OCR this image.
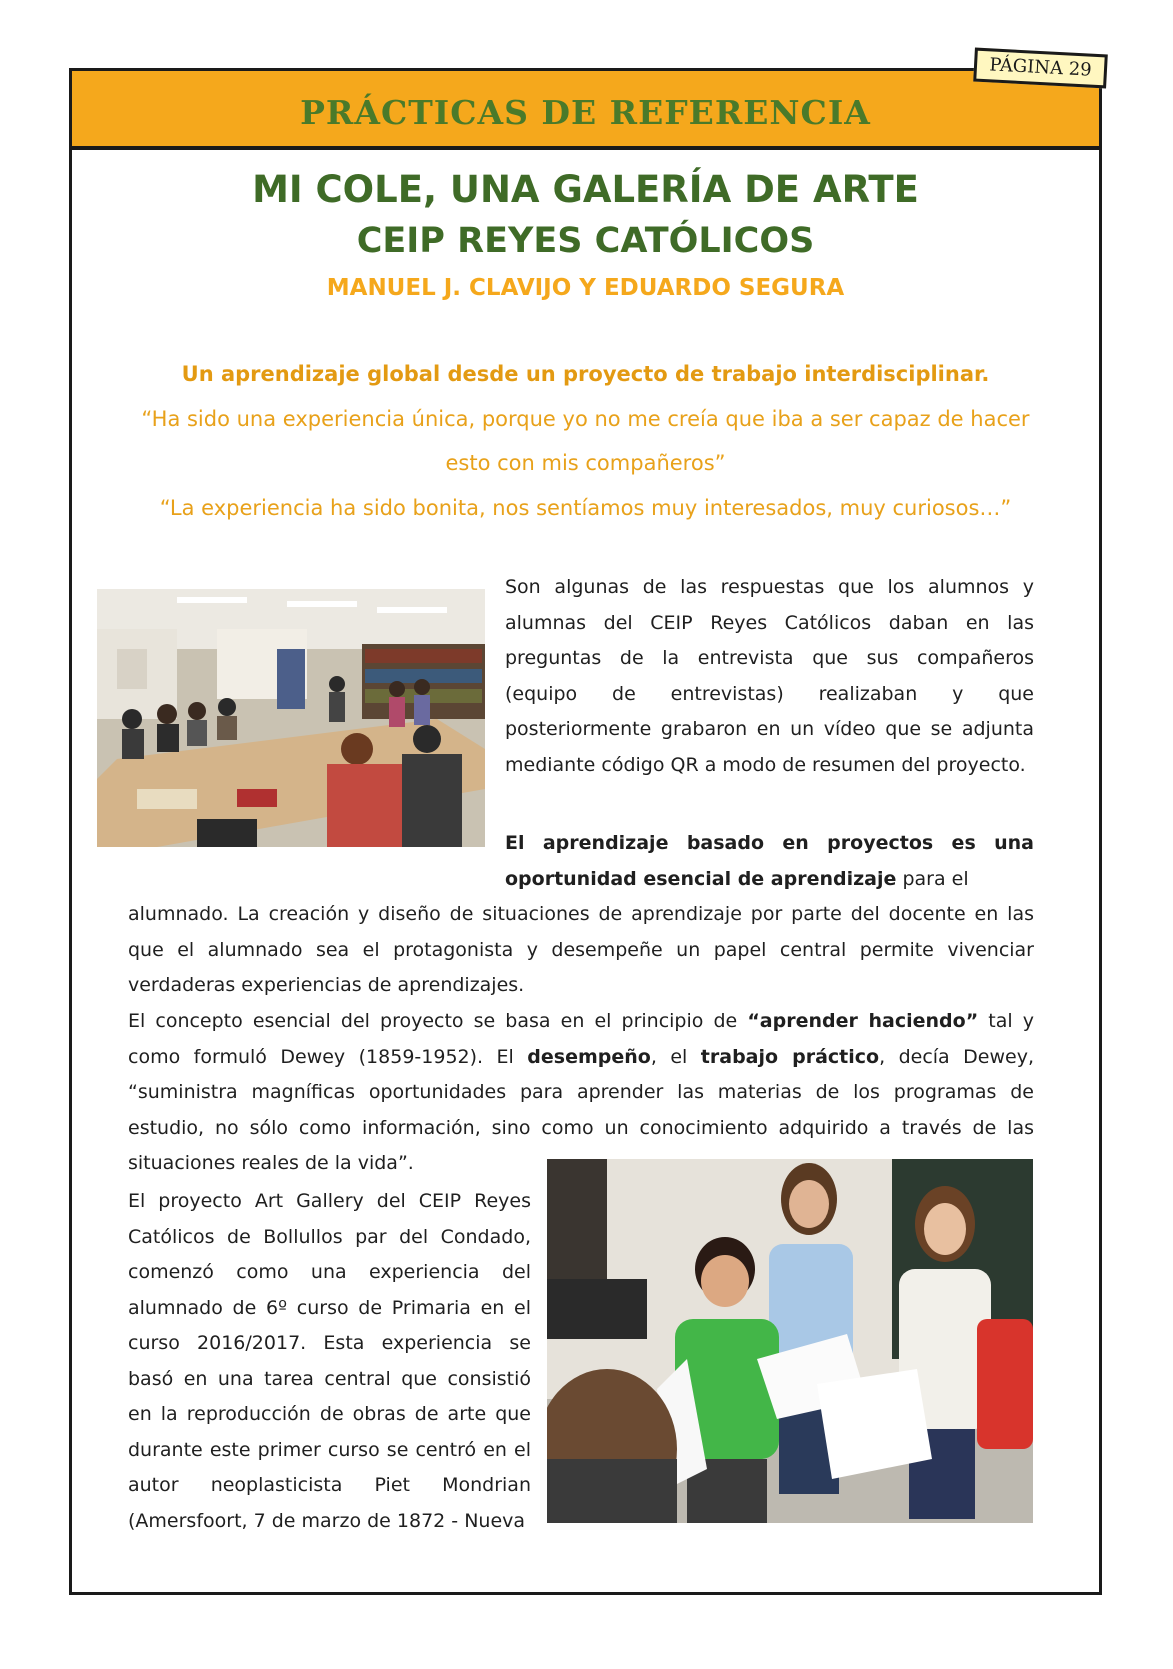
PRÁCTICAS DE REFERENCIA
PÁGINA 29
MI COLE, UNA GALERÍA DE ARTE
CEIP REYES CATÓLICOS
MANUEL J. CLAVIJO Y EDUARDO SEGURA
Un aprendizaje global desde un proyecto de trabajo interdisciplinar.
“Ha sido una experiencia única, porque yo no me creía que iba a ser capaz de hacer esto con mis compañeros”
“La experiencia ha sido bonita, nos sentíamos muy interesados, muy curiosos…”
Son algunas de las respuestas que los alumnos y alumnas del CEIP Reyes Católicos daban en las preguntas de la entrevista que sus compañeros (equipo de entrevistas) realizaban y que posteriormente grabaron en un vídeo que se adjunta mediante código QR a modo de resumen del proyecto.
El aprendizaje basado en proyectos es una oportunidad esencial de aprendizaje para el
alumnado. La creación y diseño de situaciones de aprendizaje por parte del docente en las que el alumnado sea el protagonista y desempeñe un papel central permite vivenciar verdaderas experiencias de aprendizajes.
El concepto esencial del proyecto se basa en el principio de “aprender haciendo” tal y como formuló Dewey (1859-1952). El desempeño, el trabajo práctico, decía Dewey, “suministra magníficas oportunidades para aprender las materias de los programas de estudio, no sólo como información, sino como un conocimiento adquirido a través de las situaciones reales de la vida”.
El proyecto Art Gallery del CEIP Reyes Católicos de Bollullos par del Condado, comenzó como una experiencia del alumnado de 6º curso de Primaria en el curso 2016/2017. Esta experiencia se basó en una tarea central que consistió en la reproducción de obras de arte que durante este primer curso se centró en el autor neoplasticista Piet Mondrian (Amersfoort, 7 de marzo de 1872 - Nueva
